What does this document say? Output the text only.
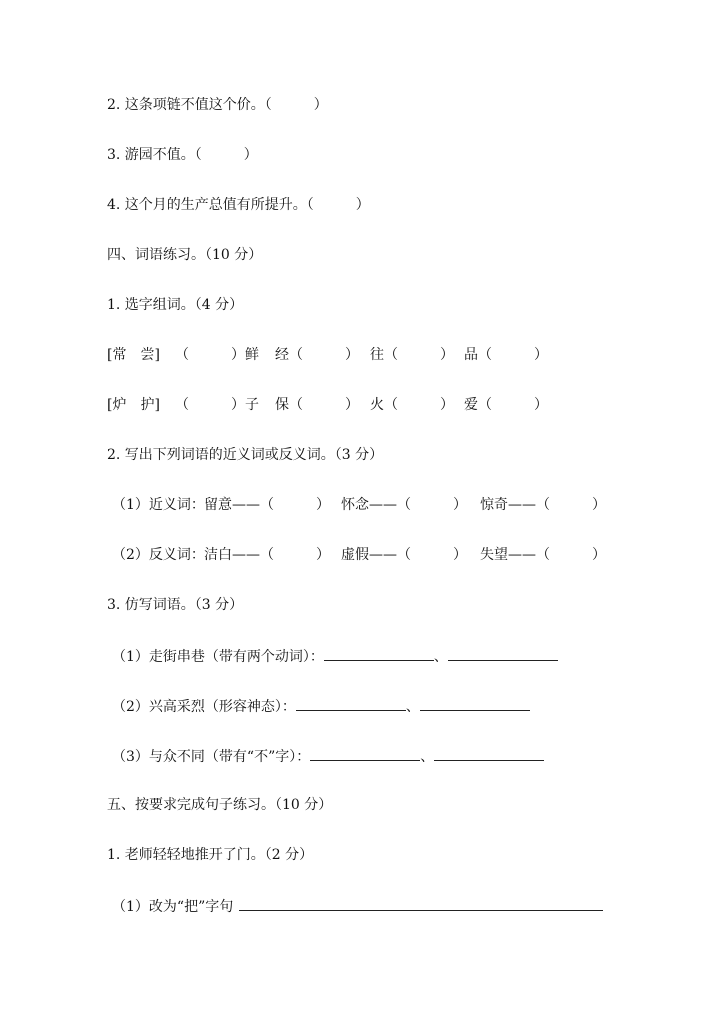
2. 这条项链不值这个价。（　　　）
3. 游园不值。（　　　）
4. 这个月的生产总值有所提升。（　　　）
四、词语练习。（10 分）
1. 选字组词。（4 分）
[常　尝] （　　　）鲜 经（　　　） 往（　　　） 品（　　　）
[炉　护] （　　　）子 保（　　　） 火（　　　） 爱（　　　）
2. 写出下列词语的近义词或反义词。（3 分）
（1）近义词： 留意——（　　　） 怀念——（　　　） 惊奇——（　　　）
（2）反义词： 洁白——（　　　） 虚假——（　　　） 失望——（　　　）
3. 仿写词语。（3 分）
（1）走街串巷（带有两个动词）：	、
（2）兴高采烈（形容神态）：	、
（3）与众不同（带有“不”字）：	、
五、按要求完成句子练习。（10 分）
1. 老师轻轻地推开了门。（2 分）
（1）改为“把”字句
